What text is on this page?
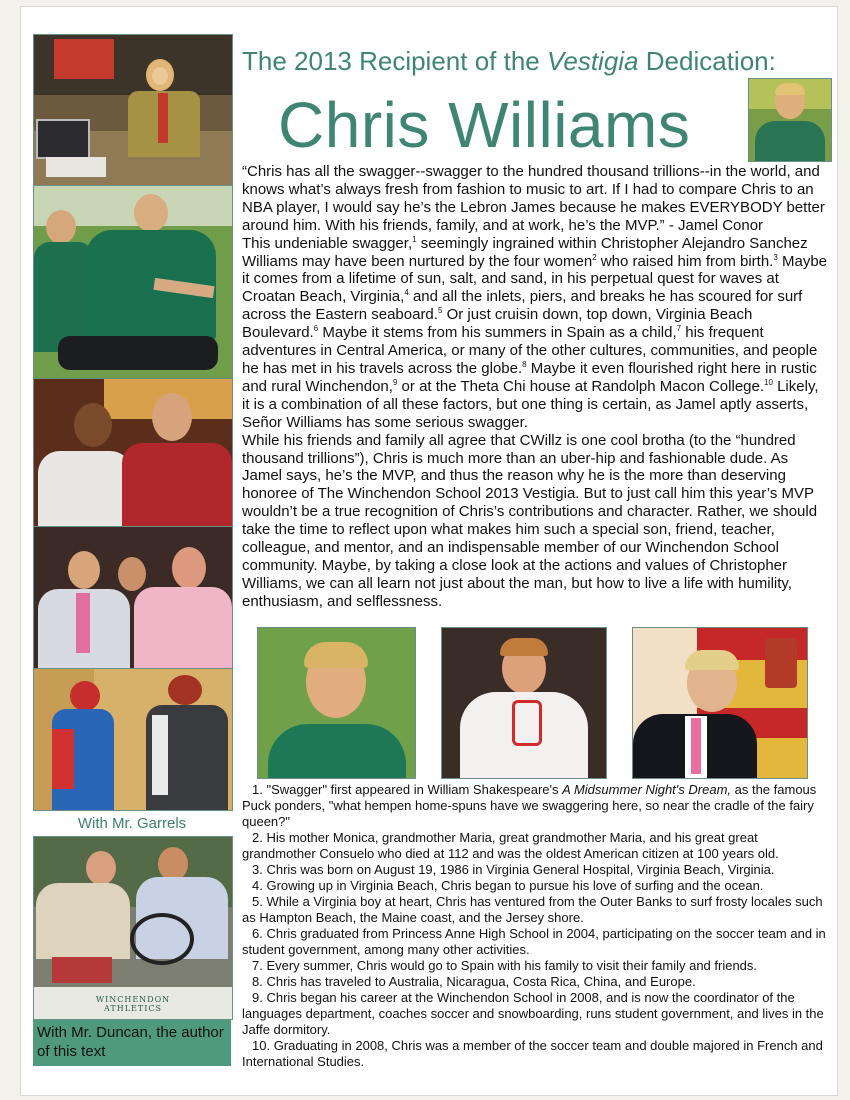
With Mr. Garrels
WINCHENDON ATHLETICS
With Mr. Duncan, the author of this text
The 2013 Recipient of the Vestigia Dedication:
Chris Williams

“Chris has all the swagger--swagger to the hundred thousand trillions--in the world, and knows what’s always fresh from fashion to music to art. If I had to compare Chris to an NBA player, I would say he’s the Lebron James because he makes EVERYBODY better around him. With his friends, family, and at work, he’s the MVP.” - Jamel Conor

This undeniable swagger,$^1$ seemingly ingrained within Christopher Alejandro Sanchez Williams may have been nurtured by the four women$^2$ who raised him from birth.$^3$ Maybe it comes from a lifetime of sun, salt, and sand, in his perpetual quest for waves at Croatan Beach, Virginia,$^4$ and all the inlets, piers, and breaks he has scoured for surf across the Eastern seaboard.$^5$ Or just cruisin down, top down, Virginia Beach Boulevard.$^6$ Maybe it stems from his summers in Spain as a child,$^7$ his frequent adventures in Central America, or many of the other cultures, communities, and people he has met in his travels across the globe.$^8$ Maybe it even flourished right here in rustic and rural Winchendon,$^9$ or at the Theta Chi house at Randolph Macon College.$^{10}$ Likely, it is a combination of all these factors, but one thing is certain, as Jamel aptly asserts, Señor Williams has some serious swagger.

While his friends and family all agree that CWillz is one cool brotha (to the “hundred thousand trillions”), Chris is much more than an uber-hip and fashionable dude. As Jamel says, he’s the MVP, and thus the reason why he is the more than deserving honoree of The Winchendon School 2013 Vestigia. But to just call him this year’s MVP wouldn’t be a true recognition of Chris’s contributions and character. Rather, we should take the time to reflect upon what makes him such a special son, friend, teacher, colleague, and mentor, and an indispensable member of our Winchendon School community. Maybe, by taking a close look at the actions and values of Christopher Williams, we can all learn not just about the man, but how to live a life with humility, enthusiasm, and selflessness.

1. "Swagger" first appeared in William Shakespeare's A Midsummer Night's Dream, as the famous Puck ponders, "what hempen home-spuns have we swaggering here, so near the cradle of the fairy queen?"
2. His mother Monica, grandmother Maria, great grandmother Maria, and his great great grandmother Consuelo who died at 112 and was the oldest American citizen at 100 years old.
3. Chris was born on August 19, 1986 in Virginia General Hospital, Virginia Beach, Virginia.
4. Growing up in Virginia Beach, Chris began to pursue his love of surfing and the ocean.
5. While a Virginia boy at heart, Chris has ventured from the Outer Banks to surf frosty locales such as Hampton Beach, the Maine coast, and the Jersey shore.
6. Chris graduated from Princess Anne High School in 2004, participating on the soccer team and in student government, among many other activities.
7. Every summer, Chris would go to Spain with his family to visit their family and friends.
8. Chris has traveled to Australia, Nicaragua, Costa Rica, China, and Europe.
9. Chris began his career at the Winchendon School in 2008, and is now the coordinator of the languages department, coaches soccer and snowboarding, runs student government, and lives in the Jaffe dormitory.
10. Graduating in 2008, Chris was a member of the soccer team and double majored in French and International Studies.
